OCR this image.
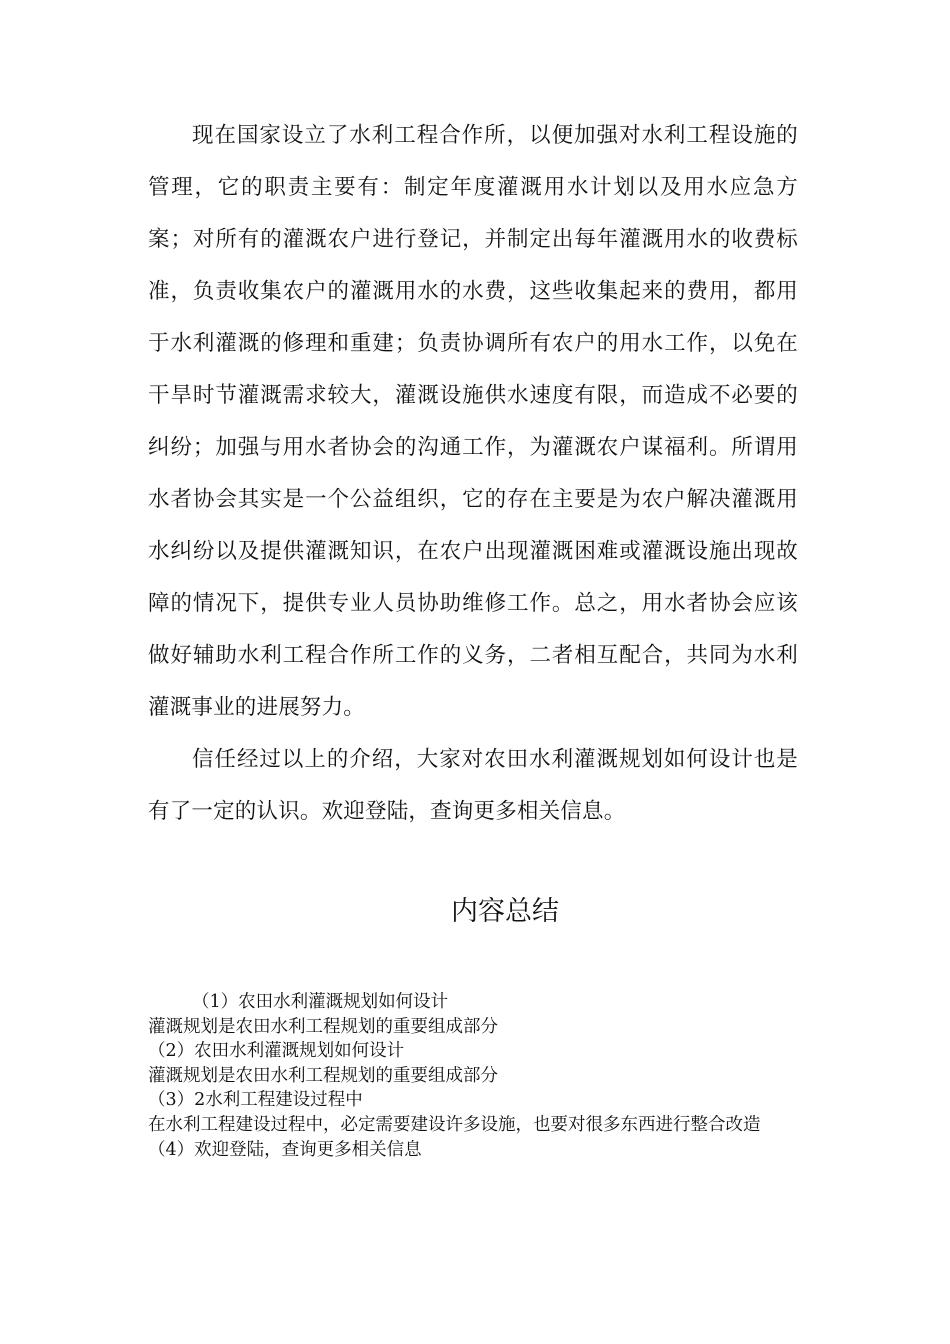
现在国家设立了水利工程合作所，以便加强对水利工程设施的管理，它的职责主要有：制定年度灌溉用水计划以及用水应急方案；对所有的灌溉农户进行登记，并制定出每年灌溉用水的收费标准，负责收集农户的灌溉用水的水费，这些收集起来的费用，都用于水利灌溉的修理和重建；负责协调所有农户的用水工作，以免在干旱时节灌溉需求较大，灌溉设施供水速度有限，而造成不必要的纠纷；加强与用水者协会的沟通工作，为灌溉农户谋福利。所谓用水者协会其实是一个公益组织，它的存在主要是为农户解决灌溉用水纠纷以及提供灌溉知识，在农户出现灌溉困难或灌溉设施出现故障的情况下，提供专业人员协助维修工作。总之，用水者协会应该做好辅助水利工程合作所工作的义务，二者相互配合，共同为水利灌溉事业的进展努力。

信任经过以上的介绍，大家对农田水利灌溉规划如何设计也是有了一定的认识。欢迎登陆，查询更多相关信息。

内容总结

（1）农田水利灌溉规划如何设计

灌溉规划是农田水利工程规划的重要组成部分

（2）农田水利灌溉规划如何设计

灌溉规划是农田水利工程规划的重要组成部分

（3）2水利工程建设过程中

在水利工程建设过程中，必定需要建设许多设施，也要对很多东西进行整合改造

（4）欢迎登陆，查询更多相关信息
